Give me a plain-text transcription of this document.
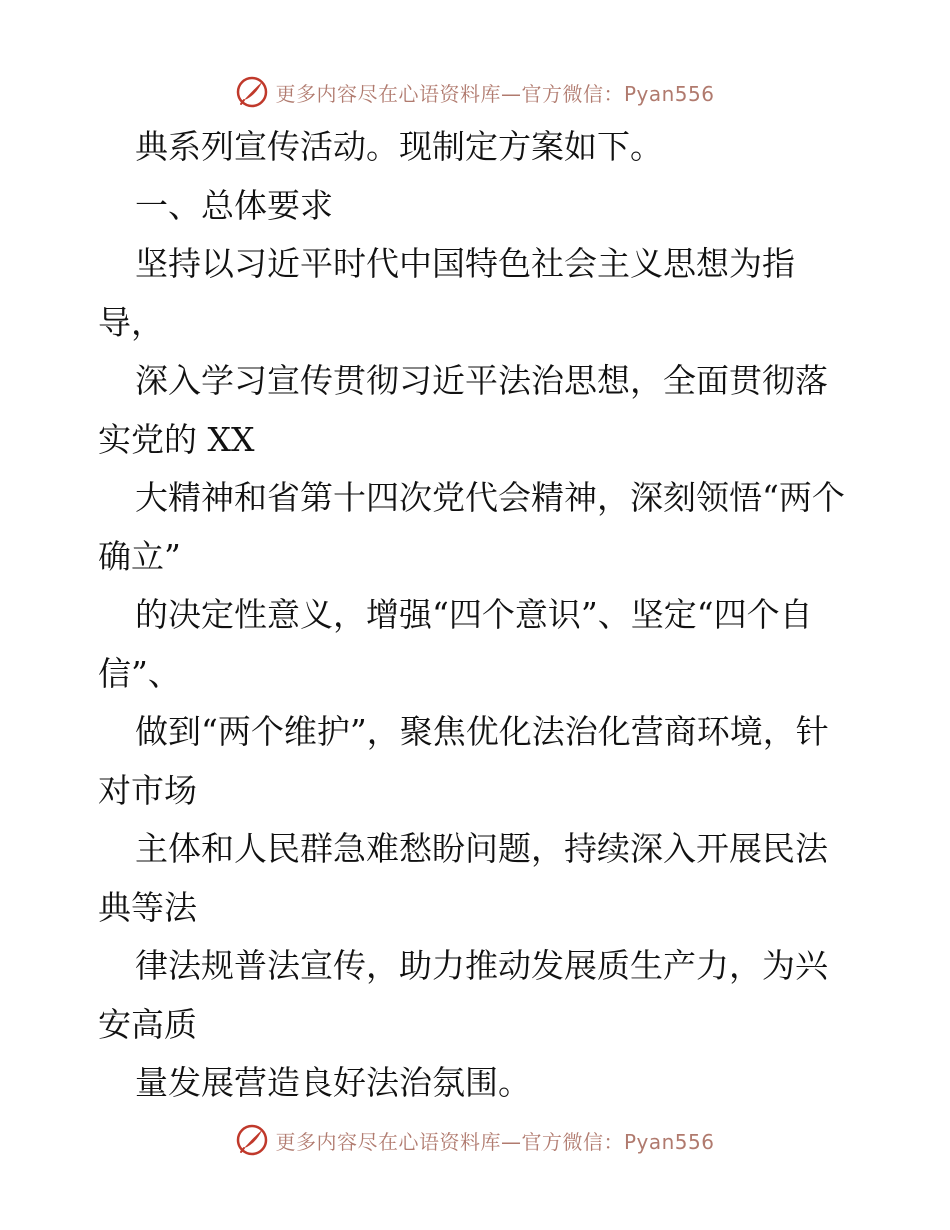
更多内容尽在心语资料库—官方微信：Pyan556

典系列宣传活动。现制定方案如下。

一、总体要求

坚持以习近平时代中国特色社会主义思想为指导，

深入学习宣传贯彻习近平法治思想，全面贯彻落实党的 XX

大精神和省第十四次党代会精神，深刻领悟“两个确立”

的决定性意义，增强“四个意识”、坚定“四个自信”、

做到“两个维护”，聚焦优化法治化营商环境，针对市场

主体和人民群急难愁盼问题，持续深入开展民法典等法

律法规普法宣传，助力推动发展质生产力，为兴安高质

量发展营造良好法治氛围。

更多内容尽在心语资料库—官方微信：Pyan556
